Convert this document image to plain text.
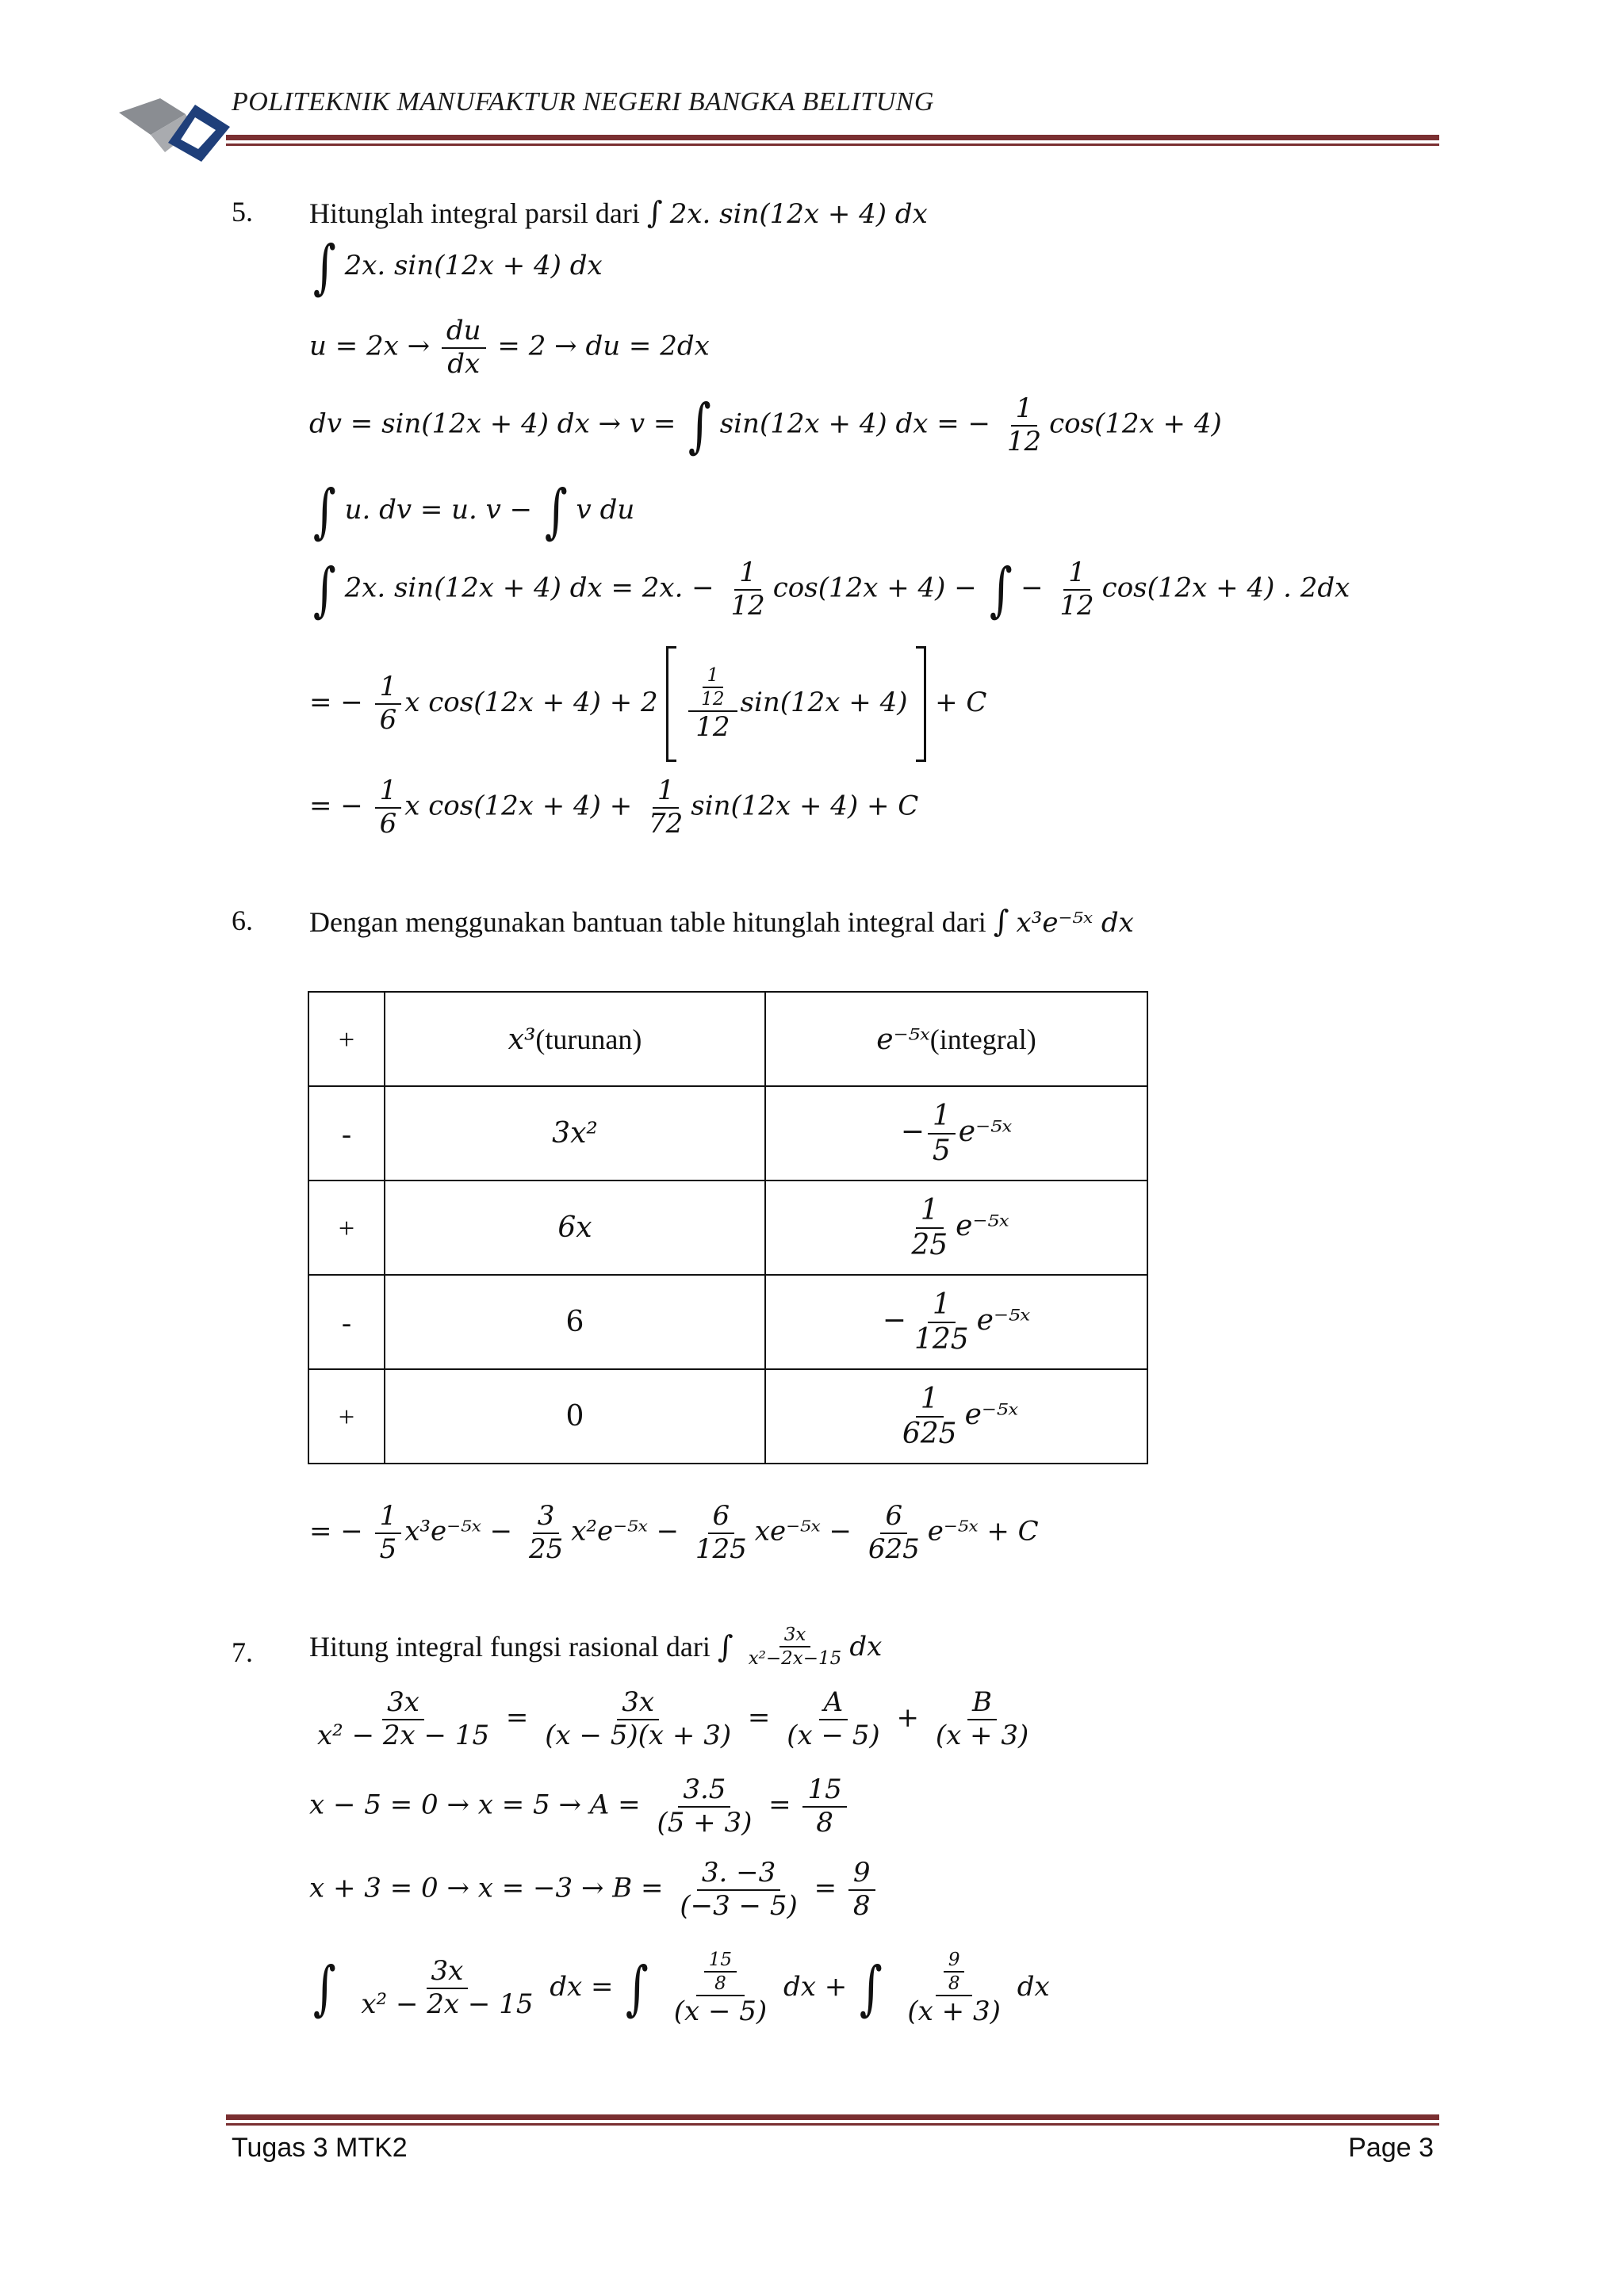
POLITEKNIK MANUFAKTUR NEGERI BANGKA BELITUNG
5. Hitunglah integral parsil dari ∫ 2x. sin(12x + 4) dx
∫ 2x. sin(12x + 4) dx
$u = 2x \to \frac{du}{dx} = 2$ → du = 2dx
dv = sin(12x + 4) dx → v = ∫ sin(12x + 4) dx = − $\frac{1}{12} \cos(12x + 4)$
∫ u. dv = u. v − ∫ v du
∫ 2x. sin(12x + 4) dx = 2x. − $\frac{1}{12} \cos(12x + 4)$ − ∫ − $\frac{1}{12} \cos(12x + 4)$ . 2dx
= − $\frac{1}{6}$ x $\cos(12x + 4) + 2 \frac{\frac{1}{12}}{12} \sin(12x + 4) + C$
= − $\frac{1}{6}$ x $\cos(12x + 4) + \frac{1}{72} \sin(12x + 4) + C$
6. Dengan menggunakan bantuan table hitunglah integral dari ∫ x³e⁻⁵ˣ dx
+	x³(turunan)	e⁻⁵ˣ(integral)
-	3x²	− $\frac{1}{5}$ e⁻⁵ˣ
+	6x	$\frac{1}{25}$ e⁻⁵ˣ
-	6	− $\frac{1}{125}$ e⁻⁵ˣ
+	0	$\frac{1}{625}$ e⁻⁵ˣ
= − $\frac{1}{5}$ x³e⁻⁵ˣ − $\frac{3}{25}$ x²e⁻⁵ˣ − $\frac{6}{125}$ xe⁻⁵ˣ − $\frac{6}{625}$ e⁻⁵ˣ + C
7. Hitung integral fungsi rasional dari ∫ $\frac{3x}{\text{x²−2x−15}}$ dx
$\frac{3x}{\text{x² − 2x − 15}} = \frac{3x}{(x - 5)(x + 3)} = \frac{A}{(x - 5)} + \frac{B}{(x + 3)}$
$x - 5 = 0 \to x = 5 \to A = \frac{3.5}{(5 + 3)} = \frac{15}{8}$
$x + 3 = 0 \to x = -3 \to B = \frac{3. -3}{(-3 - 5)} = \frac{9}{8}$
∫ $\frac{3x}{\text{x² − 2x − 15}}$ dx = ∫ $\frac{\frac{15}{8}}{(x - 5)}$ dx + ∫ $\frac{\frac{9}{8}}{(x + 3)}$ dx
Tugas 3 MTK2	Page 3
